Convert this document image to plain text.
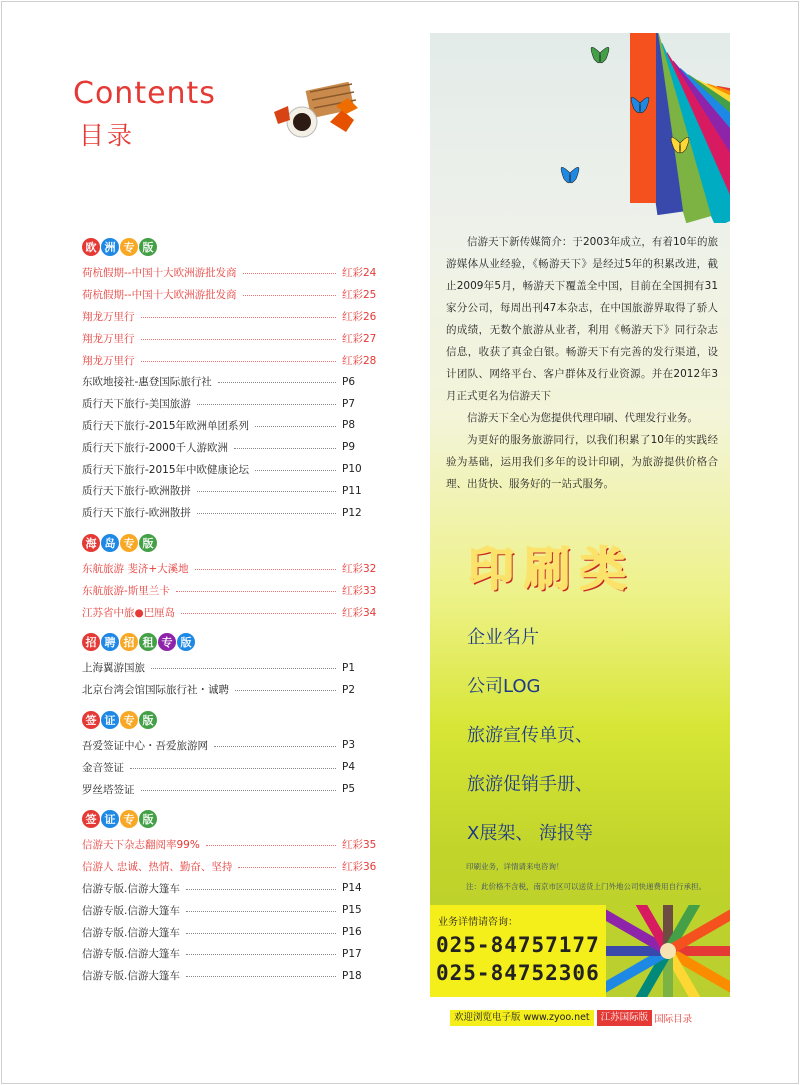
Contents
目录
欧 洲 专 版
荷杭假期--中国十大欧洲游批发商	红彩24
荷杭假期--中国十大欧洲游批发商	红彩25
翔龙万里行	红彩26
翔龙万里行	红彩27
翔龙万里行	红彩28
东欧地接社-惠登国际旅行社	P6
质行天下旅行-美国旅游	P7
质行天下旅行-2015年欧洲单团系列	P8
质行天下旅行-2000千人游欧洲	P9
质行天下旅行-2015年中欧健康论坛	P10
质行天下旅行-欧洲散拼	P11
质行天下旅行-欧洲散拼	P12
海 岛 专 版
东航旅游 斐济+大溪地	红彩32
东航旅游-斯里兰卡	红彩33
江苏省中旅●巴厘岛	红彩34
招 聘 招 租 专 版
上海翼游国旅	P1
北京台湾会馆国际旅行社・诚聘	P2
签 证 专 版
吾爱签证中心・吾爱旅游网	P3
金音签证	P4
罗丝塔签证	P5
签 证 专 版
信游天下杂志翻阅率99%	红彩35
信游人 忠诚、热情、勤奋、坚持	红彩36
信游专版.信游大篷车	P14
信游专版.信游大篷车	P15
信游专版.信游大篷车	P16
信游专版.信游大篷车	P17
信游专版.信游大篷车	P18

信游天下新传媒简介：于2003年成立，有着10年的旅游媒体从业经验，《畅游天下》是经过5年的积累改进，截止2009年5月，畅游天下覆盖全中国，目前在全国拥有31家分公司，每周出刊47本杂志，在中国旅游界取得了骄人的成绩，无数个旅游从业者，利用《畅游天下》同行杂志信息，收获了真金白银。畅游天下有完善的发行渠道，设计团队、网络平台、客户群体及行业资源。并在2012年3月正式更名为信游天下

信游天下全心为您提供代理印刷、代理发行业务。

为更好的服务旅游同行，以我们积累了10年的实践经验为基础，运用我们多年的设计印刷，为旅游提供价格合理、出货快、服务好的一站式服务。

印刷类
企业名片
公司LOG
旅游宣传单页、
旅游促销手册、
X展架、 海报等
印刷业务，详情请来电咨询！
注：此价格不含税，南京市区可以送货上门外地公司快递费用自行承担。
业务详情请咨询：
025-84757177
025-84752306
欢迎浏览电子版 www.zyoo.net	江苏国际版 国际目录
